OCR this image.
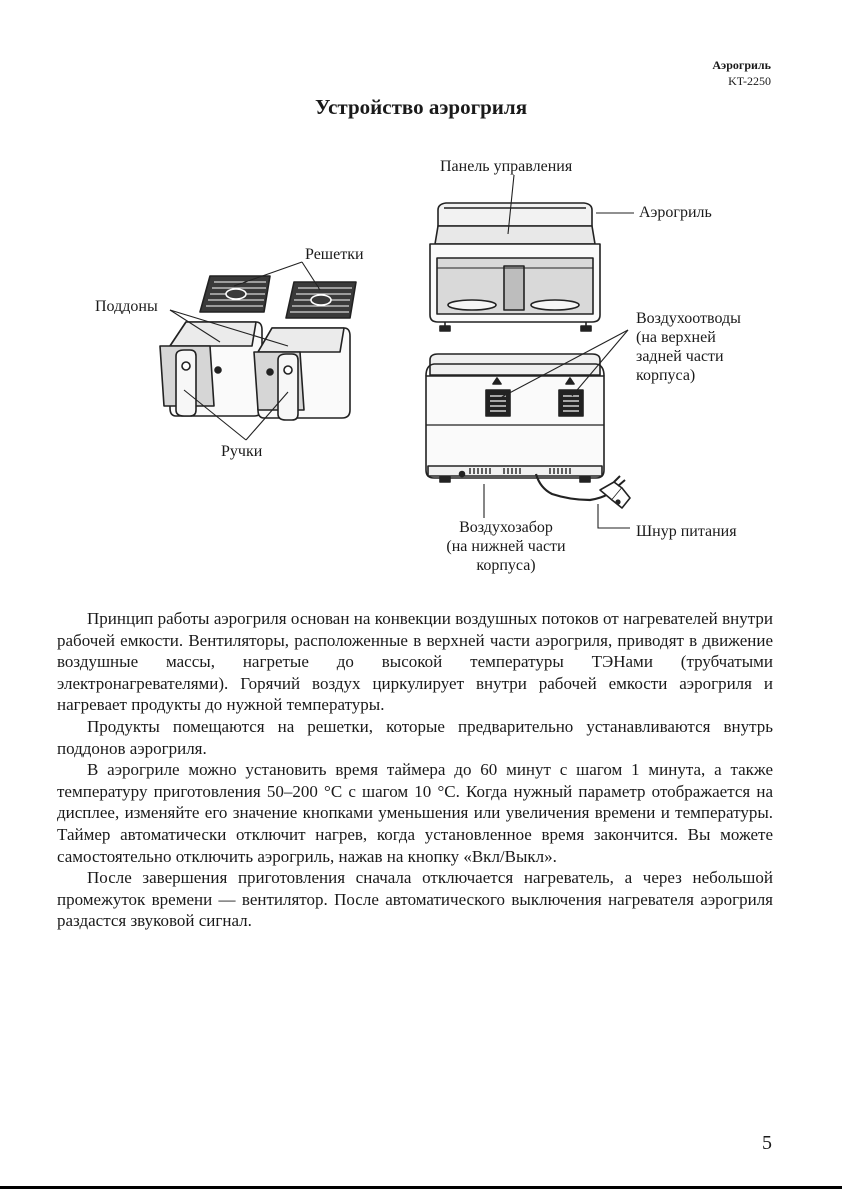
Аэрогриль
KT-2250
Устройство аэрогриля
Панель управления
Аэрогриль
Решетки
Поддоны
Ручки
Воздухоотводы
(на верхней
задней части
корпуса)
Воздухозабор
(на нижней части
корпуса)
Шнур питания

Принцип работы аэрогриля основан на конвекции воздушных потоков от нагревателей внутри рабочей емкости. Вентиляторы, расположенные в верхней части аэрогриля, приводят в движение воздушные массы, нагретые до высокой температуры ТЭНами (трубчатыми электронагревателями). Горячий воздух циркулирует внутри рабочей емкости аэрогриля и нагревает продукты до нужной температуры.

Продукты помещаются на решетки, которые предварительно устанавливаются внутрь поддонов аэрогриля.

В аэрогриле можно установить время таймера до 60 минут с шагом 1 минута, а также температуру приготовления 50–200 °C с шагом 10 °C. Когда нужный параметр отображается на дисплее, изменяйте его значение кнопками уменьшения или увеличения времени и температуры. Таймер автоматически отключит нагрев, когда установленное время закончится. Вы можете самостоятельно отключить аэрогриль, нажав на кнопку «Вкл/Выкл».

После завершения приготовления сначала отключается нагреватель, а через небольшой промежуток времени — вентилятор. После автоматического выключения нагревателя аэрогриля раздастся звуковой сигнал.

5
